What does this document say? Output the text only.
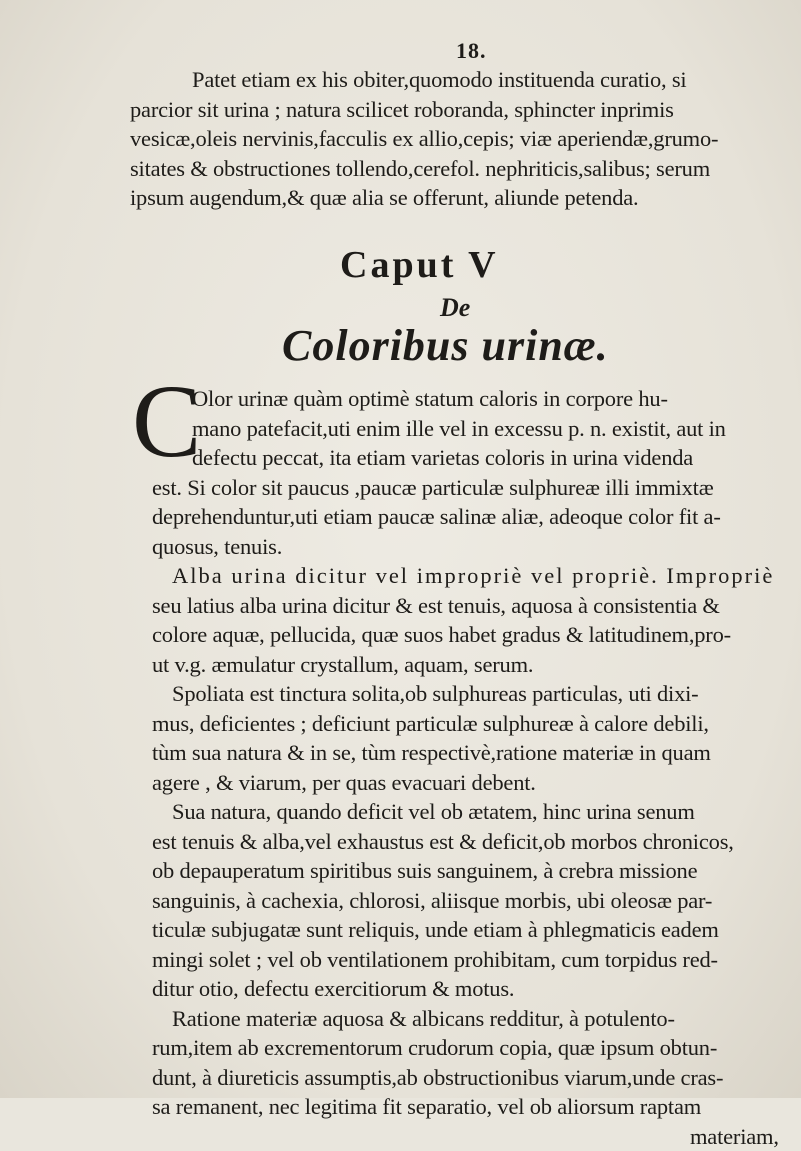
18.
Patet etiam ex his obiter,quomodo instituenda curatio, si
parcior sit urina ; natura scilicet roboranda, sphincter inprimis
vesicæ,oleis nervinis,facculis ex allio,cepis; viæ aperiendæ,grumo-
sitates & obstructiones tollendo,cerefol. nephriticis,salibus; serum
ipsum augendum,& quæ alia se offerunt, aliunde petenda.
Caput V
De
Coloribus urinæ.
C
Olor urinæ quàm optimè statum caloris in corpore hu-
mano patefacit,uti enim ille vel in excessu p. n. existit, aut in
defectu peccat, ita etiam varietas coloris in urina videnda
est. Si color sit paucus ,paucæ particulæ sulphureæ illi immixtæ
deprehenduntur,uti etiam paucæ salinæ aliæ, adeoque color fit a-
quosus, tenuis.
Alba urina dicitur vel impropriè vel propriè. Impropriè
seu latius alba urina dicitur & est tenuis, aquosa à consistentia &
colore aquæ, pellucida, quæ suos habet gradus & latitudinem,pro-
ut v.g. æmulatur crystallum, aquam, serum.
Spoliata est tinctura solita,ob sulphureas particulas, uti dixi-
mus, deficientes ; deficiunt particulæ sulphureæ à calore debili,
tùm sua natura & in se, tùm respectivè,ratione materiæ in quam
agere , & viarum, per quas evacuari debent.
Sua natura, quando deficit vel ob ætatem, hinc urina senum
est tenuis & alba,vel exhaustus est & deficit,ob morbos chronicos,
ob depauperatum spiritibus suis sanguinem, à crebra missione
sanguinis, à cachexia, chlorosi, aliisque morbis, ubi oleosæ par-
ticulæ subjugatæ sunt reliquis, unde etiam à phlegmaticis eadem
mingi solet ; vel ob ventilationem prohibitam, cum torpidus red-
ditur otio, defectu exercitiorum & motus.
Ratione materiæ aquosa & albicans redditur, à potulento-
rum,item ab excrementorum crudorum copia, quæ ipsum obtun-
dunt, à diureticis assumptis,ab obstructionibus viarum,unde cras-
sa remanent, nec legitima fit separatio, vel ob aliorsum raptam
materiam,
